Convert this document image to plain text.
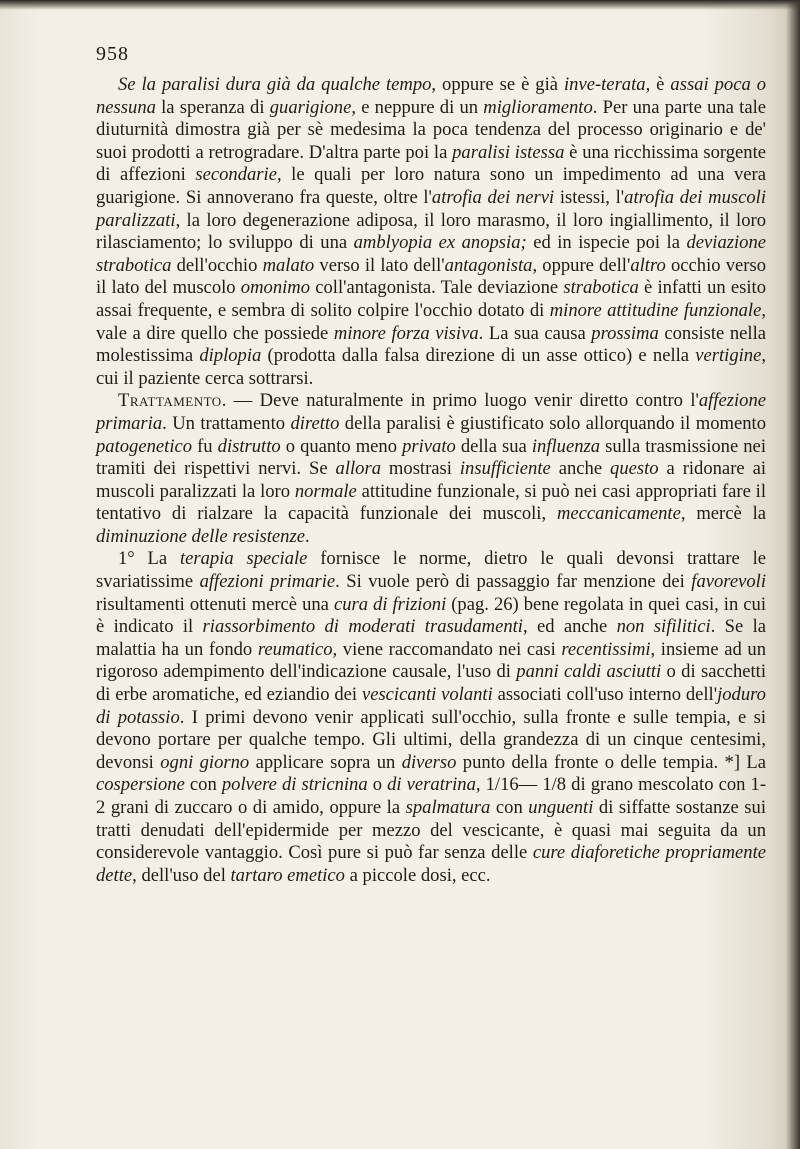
958

Se la paralisi dura già da qualche tempo, oppure se è già inve-terata, è assai poca o nessuna la speranza di guarigione, e neppure di un miglioramento. Per una parte una tale diuturnità dimostra già per sè medesima la poca tendenza del processo originario e de' suoi prodotti a retrogradare. D'altra parte poi la paralisi istessa è una ricchissima sorgente di affezioni secondarie, le quali per loro natura sono un impedimento ad una vera guarigione. Si annoverano fra queste, oltre l'atrofia dei nervi istessi, l'atrofia dei muscoli paralizzati, la loro degenerazione adiposa, il loro marasmo, il loro ingiallimento, il loro rilasciamento; lo sviluppo di una amblyopia ex anopsia; ed in ispecie poi la deviazione strabotica dell'occhio malato verso il lato dell'antagonista, oppure dell'altro occhio verso il lato del muscolo omonimo coll'antagonista. Tale deviazione strabotica è infatti un esito assai frequente, e sembra di solito colpire l'occhio dotato di minore attitudine funzionale, vale a dire quello che possiede minore forza visiva. La sua causa prossima consiste nella molestissima diplopia (prodotta dalla falsa direzione di un asse ottico) e nella vertigine, cui il paziente cerca sottrarsi.

Trattamento. — Deve naturalmente in primo luogo venir diretto contro l'affezione primaria. Un trattamento diretto della paralisi è giustificato solo allorquando il momento patogenetico fu distrutto o quanto meno privato della sua influenza sulla trasmissione nei tramiti dei rispettivi nervi. Se allora mostrasi insufficiente anche questo a ridonare ai muscoli paralizzati la loro normale attitudine funzionale, si può nei casi appropriati fare il tentativo di rialzare la capacità funzionale dei muscoli, meccanicamente, mercè la diminuzione delle resistenze.

1° La terapia speciale fornisce le norme, dietro le quali devonsi trattare le svariatissime affezioni primarie. Si vuole però di passaggio far menzione dei favorevoli risultamenti ottenuti mercè una cura di frizioni (pag. 26) bene regolata in quei casi, in cui è indicato il riassorbimento di moderati trasudamenti, ed anche non sifilitici. Se la malattia ha un fondo reumatico, viene raccomandato nei casi recentissimi, insieme ad un rigoroso adempimento dell'indicazione causale, l'uso di panni caldi asciutti o di sacchetti di erbe aromatiche, ed eziandio dei vescicanti volanti associati coll'uso interno dell'joduro di potassio. I primi devono venir applicati sull'occhio, sulla fronte e sulle tempia, e si devono portare per qualche tempo. Gli ultimi, della grandezza di un cinque centesimi, devonsi ogni giorno applicare sopra un diverso punto della fronte o delle tempia. *] La cospersione con polvere di stricnina o di veratrina, 1/16— 1/8 di grano mescolato con 1-2 grani di zuccaro o di amido, oppure la spalmatura con unguenti di siffatte sostanze sui tratti denudati dell'epidermide per mezzo del vescicante, è quasi mai seguita da un considerevole vantaggio. Così pure si può far senza delle cure diaforetiche propriamente dette, dell'uso del tartaro emetico a piccole dosi, ecc.
